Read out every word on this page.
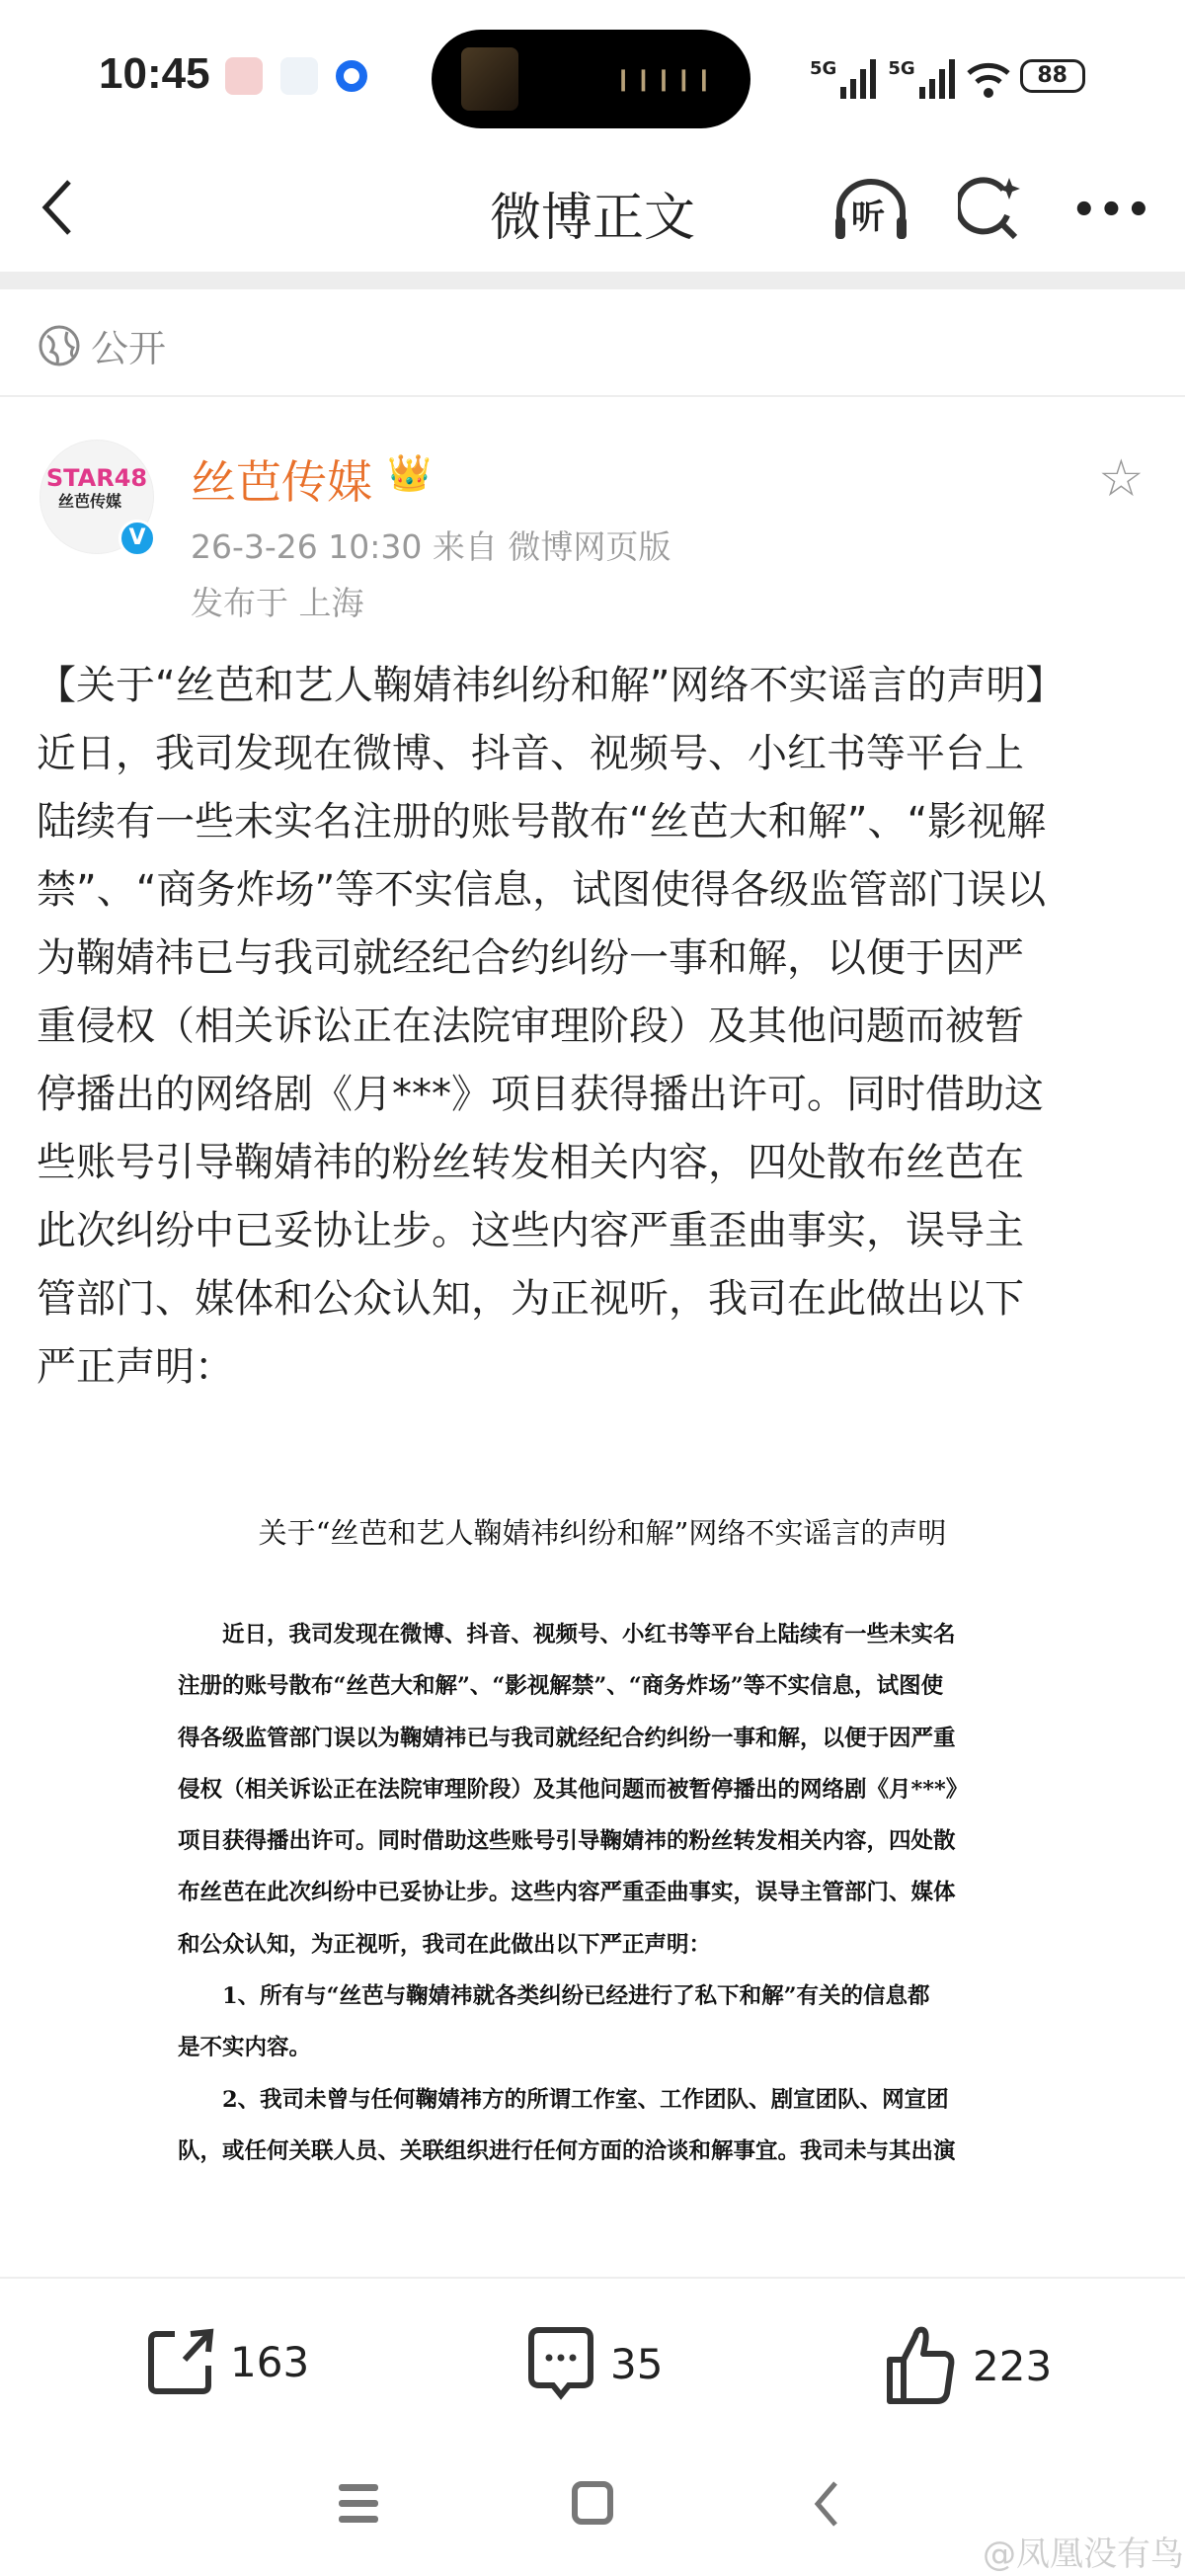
10:45	❙❙❙❙❙	5G	5G	88
微博正文	听	•••
公开
STAR48
丝芭传媒
V
丝芭传媒 👑
26-3-26 10:30 来自 微博网页版
发布于 上海
☆
【关于“丝芭和艺人鞠婧祎纠纷和解”网络不实谣言的声明】
近日，我司发现在微博、抖音、视频号、小红书等平台上
陆续有一些未实名注册的账号散布“丝芭大和解”、“影视解
禁”、“商务炸场”等不实信息，试图使得各级监管部门误以
为鞠婧祎已与我司就经纪合约纠纷一事和解，以便于因严
重侵权（相关诉讼正在法院审理阶段）及其他问题而被暂
停播出的网络剧《月***》项目获得播出许可。同时借助这
些账号引导鞠婧祎的粉丝转发相关内容，四处散布丝芭在
此次纠纷中已妥协让步。这些内容严重歪曲事实，误导主
管部门、媒体和公众认知，为正视听，我司在此做出以下
严正声明：
关于“丝芭和艺人鞠婧祎纠纷和解”网络不实谣言的声明
　　近日，我司发现在微博、抖音、视频号、小红书等平台上陆续有一些未实名
注册的账号散布“丝芭大和解”、“影视解禁”、“商务炸场”等不实信息，试图使
得各级监管部门误以为鞠婧祎已与我司就经纪合约纠纷一事和解，以便于因严重
侵权（相关诉讼正在法院审理阶段）及其他问题而被暂停播出的网络剧《月***》
项目获得播出许可。同时借助这些账号引导鞠婧祎的粉丝转发相关内容，四处散
布丝芭在此次纠纷中已妥协让步。这些内容严重歪曲事实，误导主管部门、媒体
和公众认知，为正视听，我司在此做出以下严正声明：
　　1、所有与“丝芭与鞠婧祎就各类纠纷已经进行了私下和解”有关的信息都
是不实内容。
　　2、我司未曾与任何鞠婧祎方的所谓工作室、工作团队、剧宣团队、网宣团
队，或任何关联人员、关联组织进行任何方面的洽谈和解事宜。我司未与其出演
163	35	223
@凤凰没有鸟
